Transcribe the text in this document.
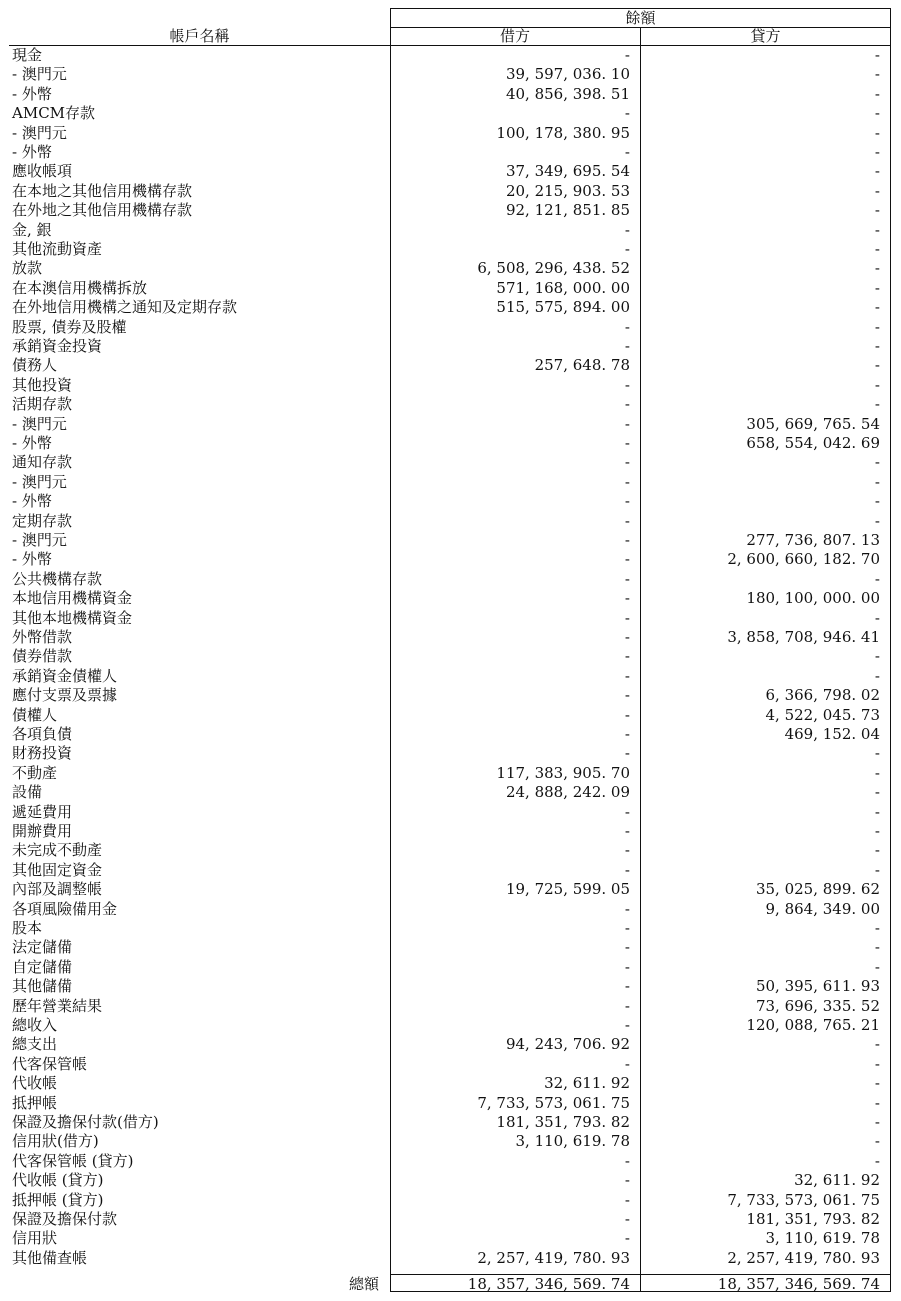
餘額
帳戶名稱	借方	貸方
現金	-	-
- 澳門元	39, 597, 036. 10	-
- 外幣	40, 856, 398. 51	-
AMCM存款	-	-
- 澳門元	100, 178, 380. 95	-
- 外幣	-	-
應收帳項	37, 349, 695. 54	-
在本地之其他信用機構存款	20, 215, 903. 53	-
在外地之其他信用機構存款	92, 121, 851. 85	-
金, 銀	-	-
其他流動資產	-	-
放款	6, 508, 296, 438. 52	-
在本澳信用機構拆放	571, 168, 000. 00	-
在外地信用機構之通知及定期存款	515, 575, 894. 00	-
股票, 債券及股權	-	-
承銷資金投資	-	-
債務人	257, 648. 78	-
其他投資	-	-
活期存款	-	-
- 澳門元	-	305, 669, 765. 54
- 外幣	-	658, 554, 042. 69
通知存款	-	-
- 澳門元	-	-
- 外幣	-	-
定期存款	-	-
- 澳門元	-	277, 736, 807. 13
- 外幣	-	2, 600, 660, 182. 70
公共機構存款	-	-
本地信用機構資金	-	180, 100, 000. 00
其他本地機構資金	-	-
外幣借款	-	3, 858, 708, 946. 41
債券借款	-	-
承銷資金債權人	-	-
應付支票及票據	-	6, 366, 798. 02
債權人	-	4, 522, 045. 73
各項負債	-	469, 152. 04
財務投資	-	-
不動產	117, 383, 905. 70	-
設備	24, 888, 242. 09	-
遞延費用	-	-
開辦費用	-	-
未完成不動產	-	-
其他固定資金	-	-
內部及調整帳	19, 725, 599. 05	35, 025, 899. 62
各項風險備用金	-	9, 864, 349. 00
股本	-	-
法定儲備	-	-
自定儲備	-	-
其他儲備	-	50, 395, 611. 93
歷年營業結果	-	73, 696, 335. 52
總收入	-	120, 088, 765. 21
總支出	94, 243, 706. 92	-
代客保管帳	-	-
代收帳	32, 611. 92	-
抵押帳	7, 733, 573, 061. 75	-
保證及擔保付款(借方)	181, 351, 793. 82	-
信用狀(借方)	3, 110, 619. 78	-
代客保管帳 (貸方)	-	-
代收帳 (貸方)	-	32, 611. 92
抵押帳 (貸方)	-	7, 733, 573, 061. 75
保證及擔保付款	-	181, 351, 793. 82
信用狀	-	3, 110, 619. 78
其他備查帳	2, 257, 419, 780. 93	2, 257, 419, 780. 93
總額	18, 357, 346, 569. 74	18, 357, 346, 569. 74
